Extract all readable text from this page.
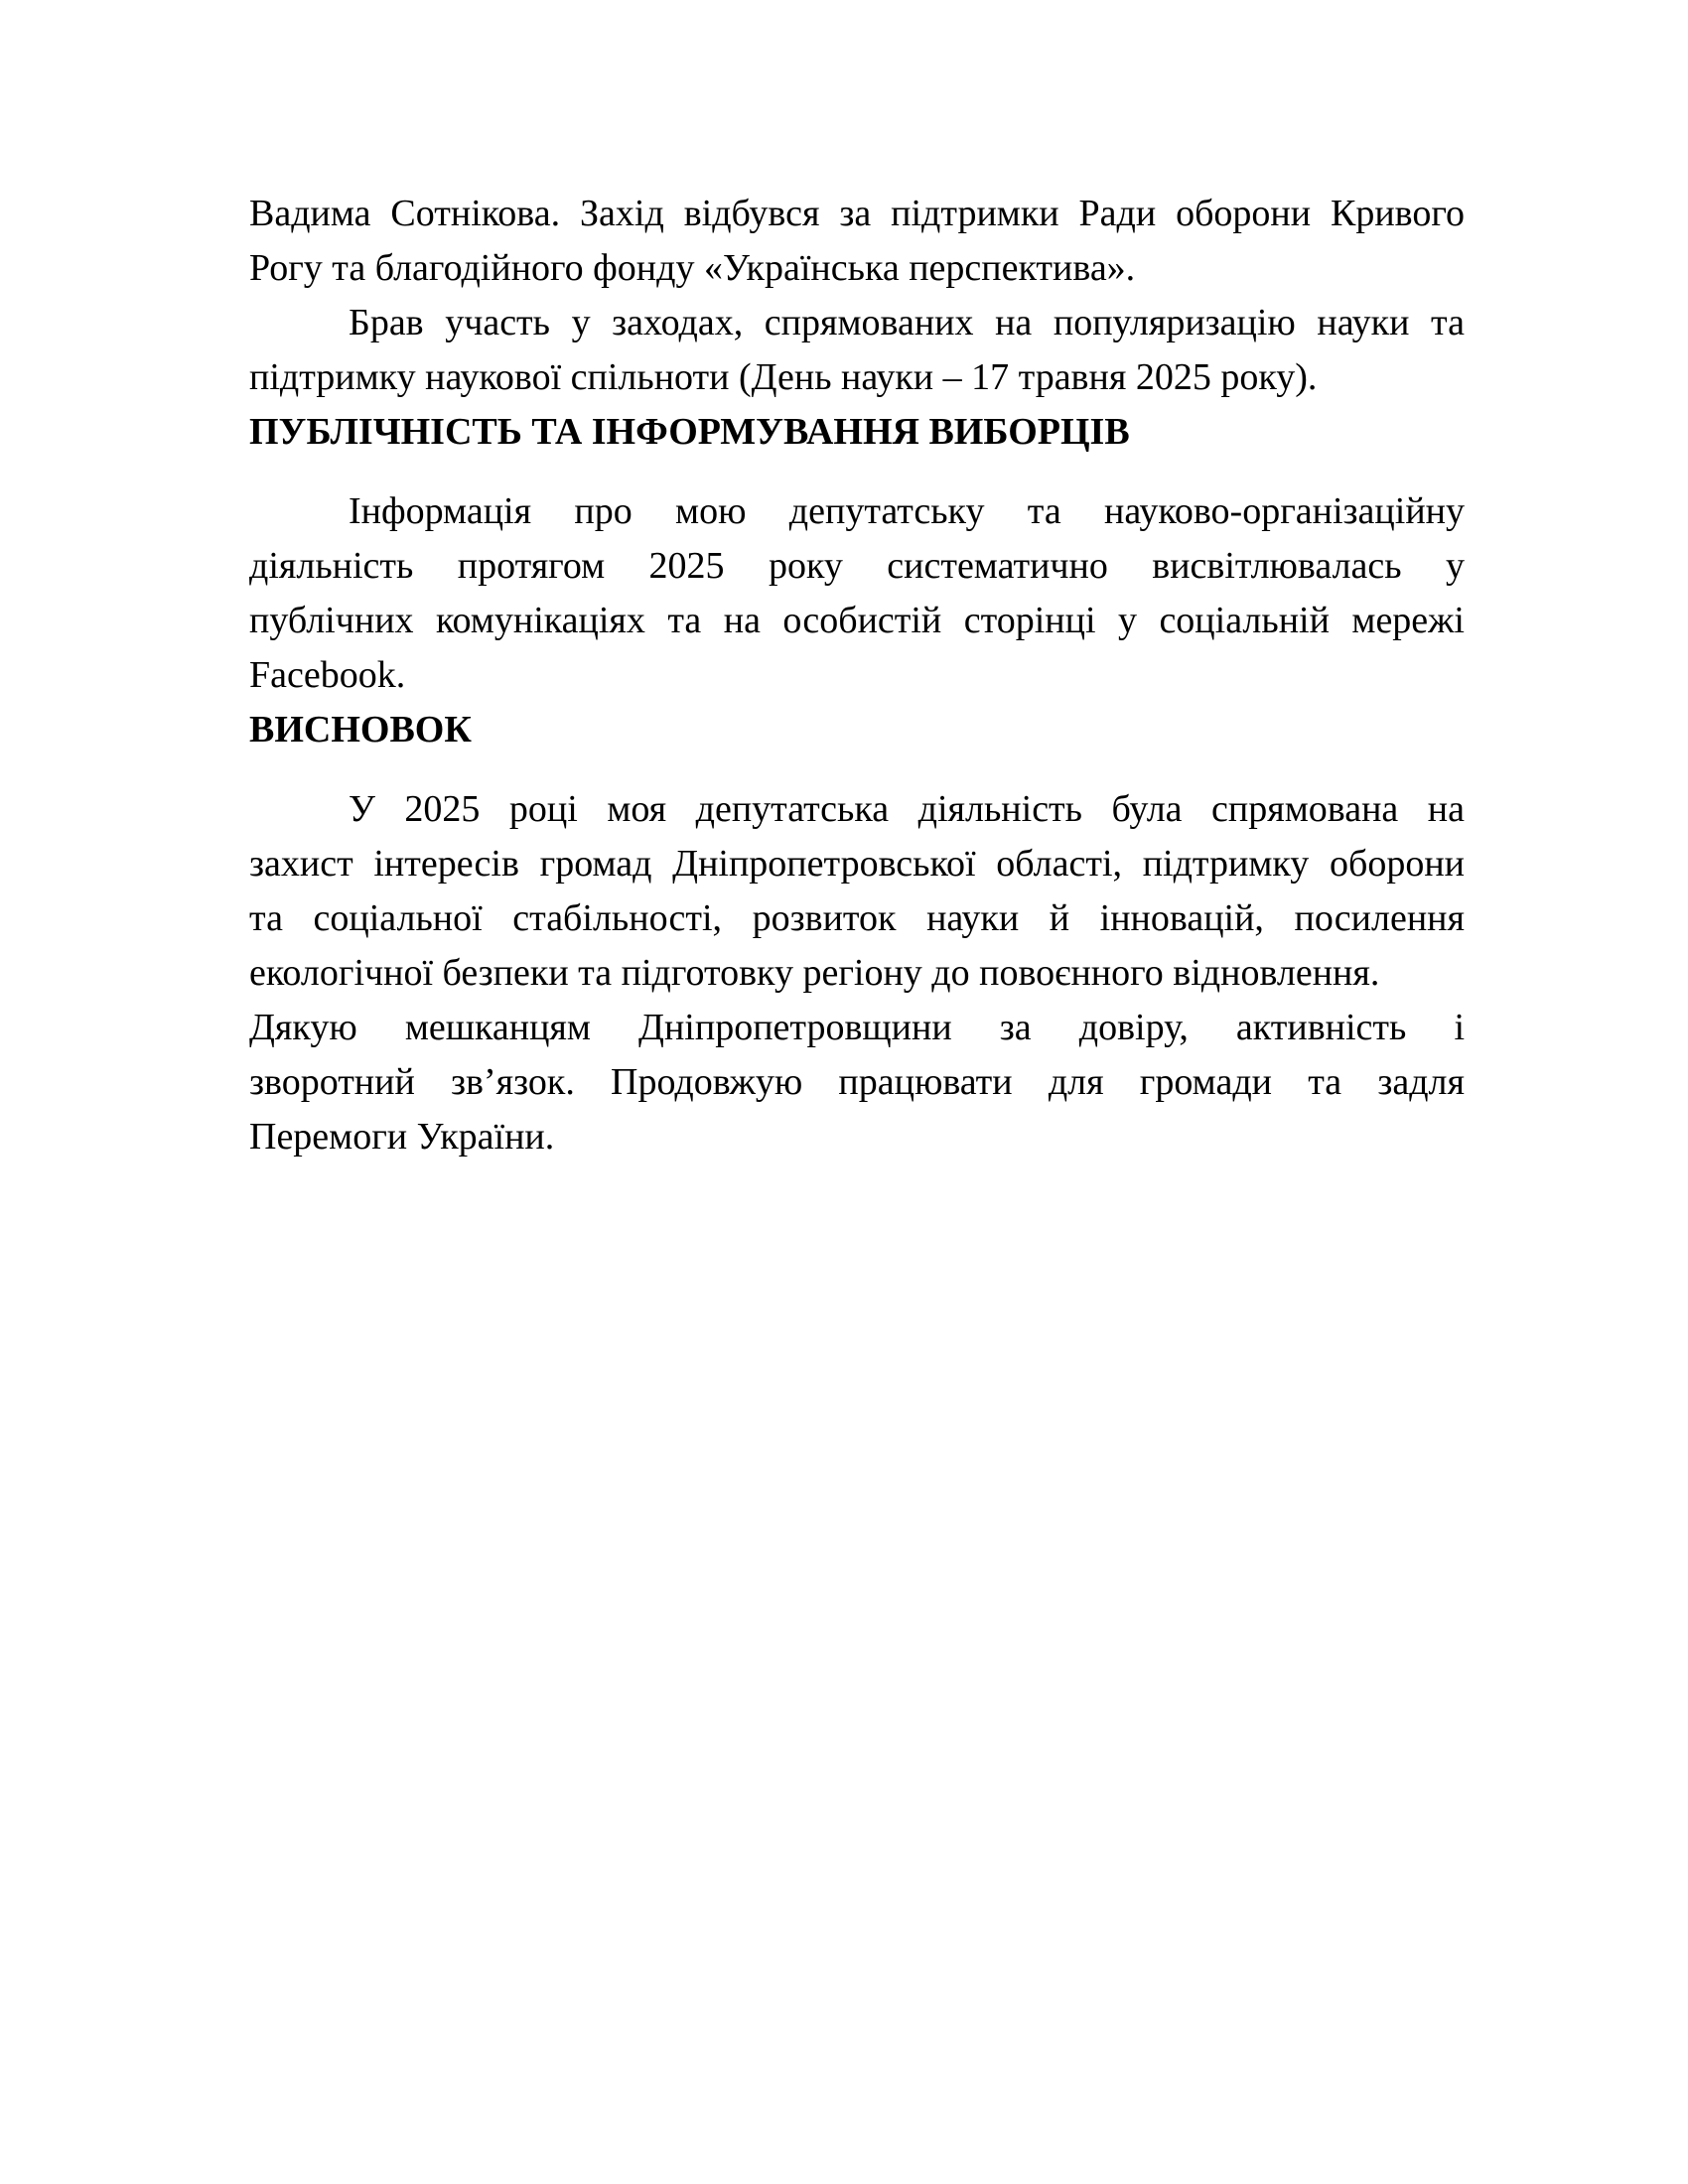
Вадима Сотнікова. Захід відбувся за підтримки Ради оборони Кривого
Рогу та благодійного фонду «Українська перспектива».
Брав участь у заходах, спрямованих на популяризацію науки та
підтримку наукової спільноти (День науки – 17 травня 2025 року).
ПУБЛІЧНІСТЬ ТА ІНФОРМУВАННЯ ВИБОРЦІВ
Інформація про мою депутатську та науково-організаційну
діяльність протягом 2025 року систематично висвітлювалась у
публічних комунікаціях та на особистій сторінці у соціальній мережі
Facebook.
ВИСНОВОК
У 2025 році моя депутатська діяльність була спрямована на
захист інтересів громад Дніпропетровської області, підтримку оборони
та соціальної стабільності, розвиток науки й інновацій, посилення
екологічної безпеки та підготовку регіону до повоєнного відновлення.
Дякую мешканцям Дніпропетровщини за довіру, активність і
зворотний зв’язок. Продовжую працювати для громади та задля
Перемоги України.
